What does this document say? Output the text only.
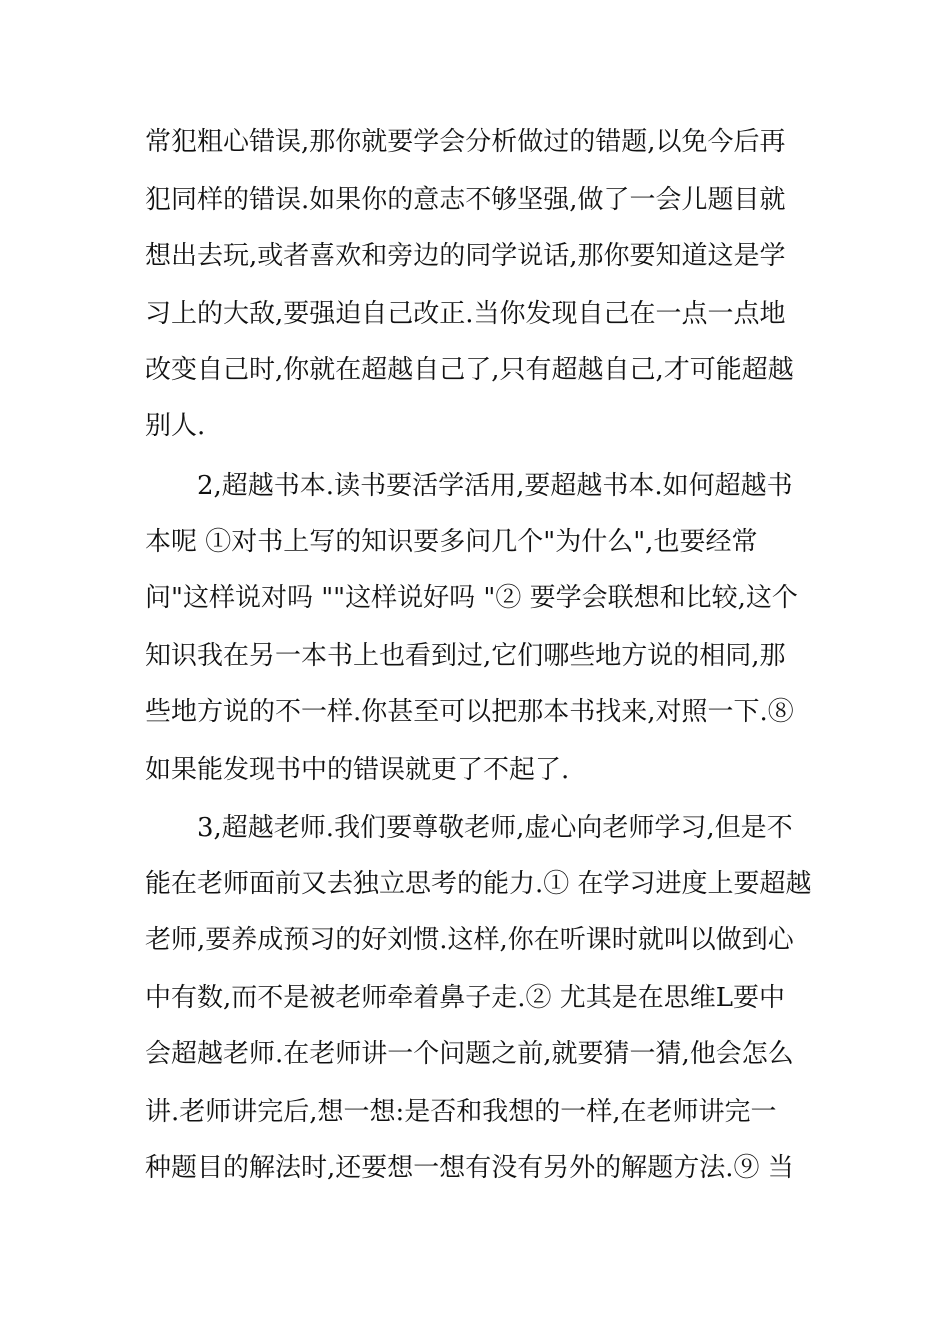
常犯粗心错误,那你就要学会分析做过的错题,以免今后再
犯同样的错误.如果你的意志不够坚强,做了一会儿题目就
想出去玩,或者喜欢和旁边的同学说话,那你要知道这是学
习上的大敌,要强迫自己改正.当你发现自己在一点一点地
改变自己时,你就在超越自己了,只有超越自己,才可能超越
别人.
2,超越书本.读书要活学活用,要超越书本.如何超越书
本呢 ①对书上写的知识要多问几个"为什么",也要经常
问"这样说对吗 ""这样说好吗 "② 要学会联想和比较,这个
知识我在另一本书上也看到过,它们哪些地方说的相同,那
些地方说的不一样.你甚至可以把那本书找来,对照一下.⑧
如果能发现书中的错误就更了不起了.
3,超越老师.我们要尊敬老师,虚心向老师学习,但是不
能在老师面前又去独立思考的能力.① 在学习进度上要超越
老师,要养成预习的好刘惯.这样,你在听课时就叫以做到心
中有数,而不是被老师牵着鼻子走.② 尤其是在思维L要中
会超越老师.在老师讲一个问题之前,就要猜一猜,他会怎么
讲.老师讲完后,想一想:是否和我想的一样,在老师讲完一
种题目的解法时,还要想一想有没有另外的解题方法.⑨ 当
